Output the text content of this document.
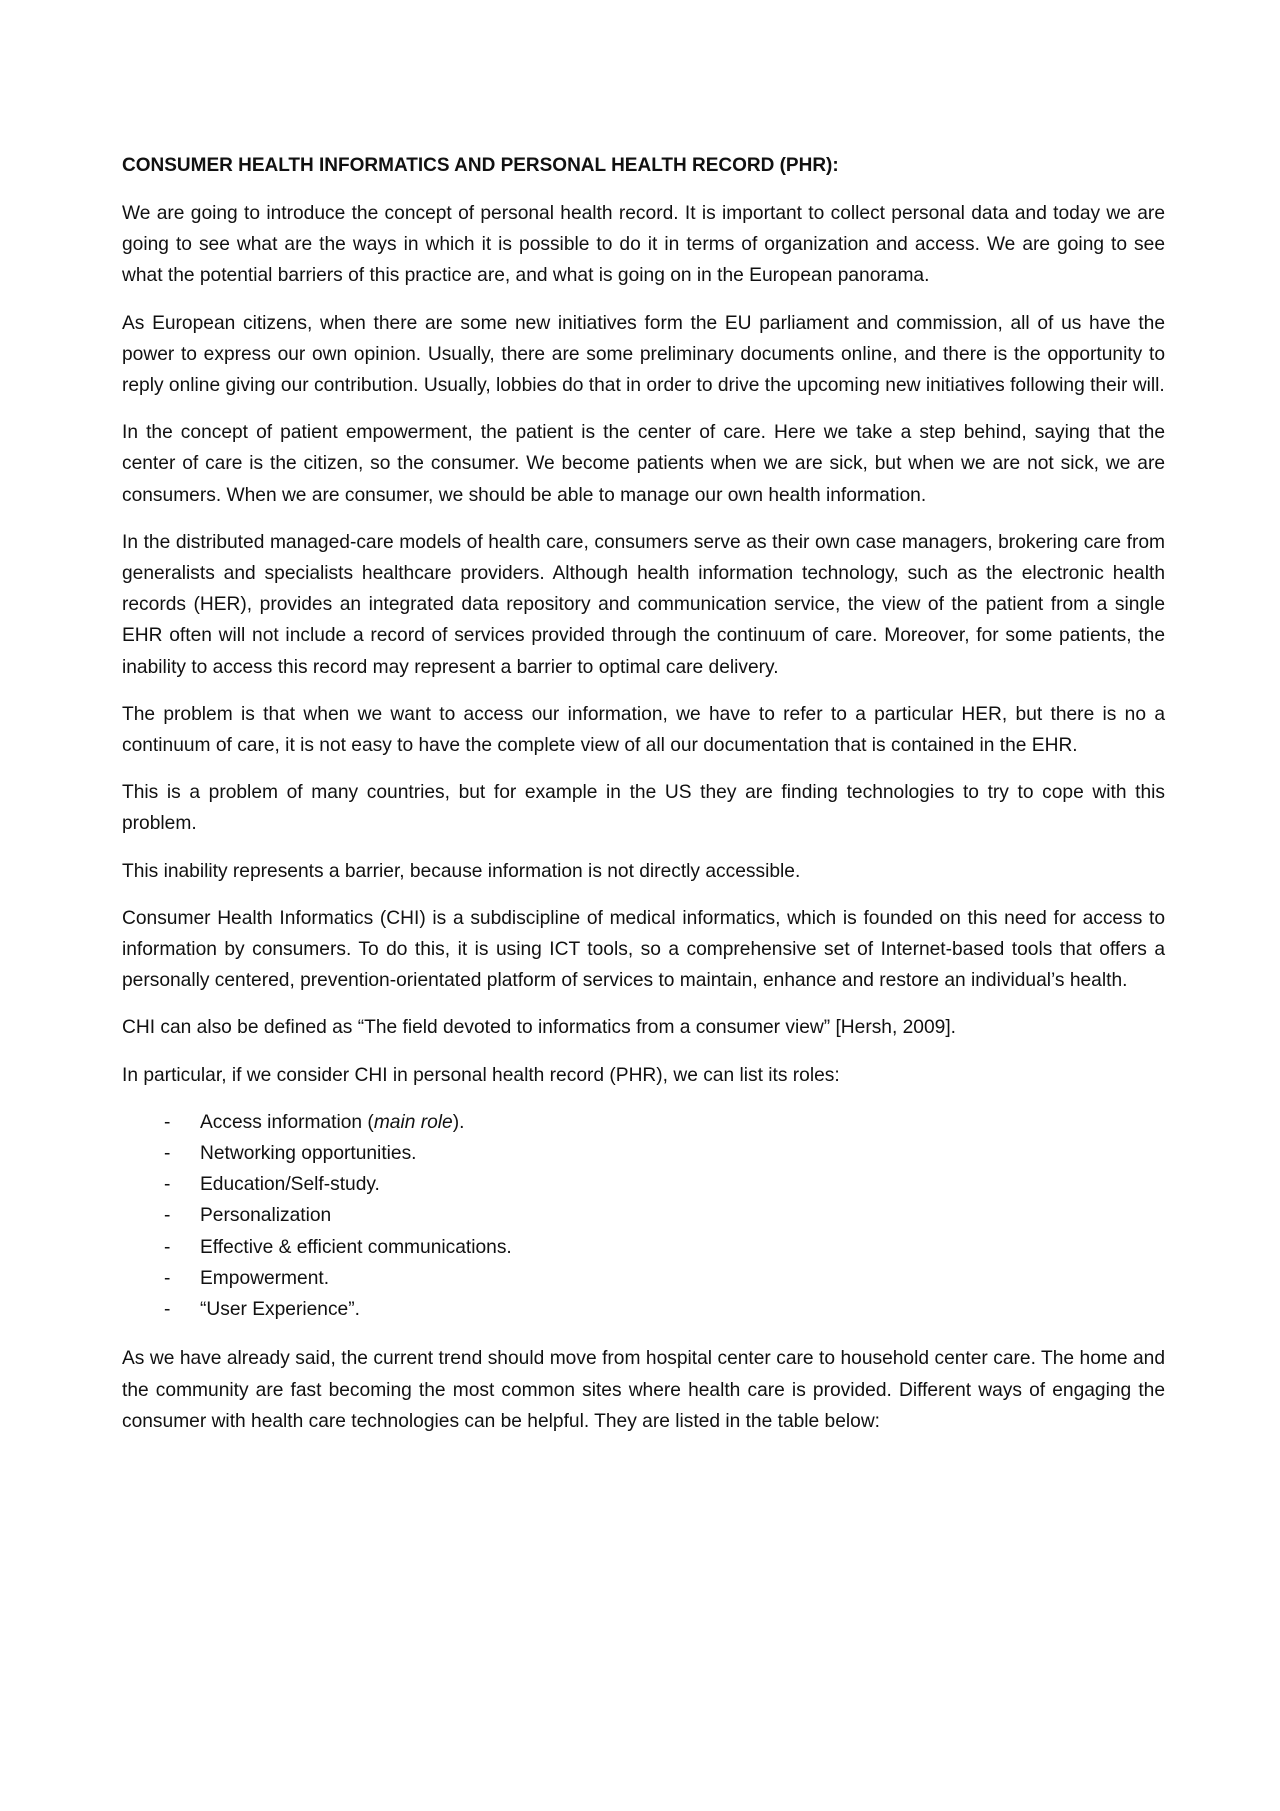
CONSUMER HEALTH INFORMATICS AND PERSONAL HEALTH RECORD (PHR):

We are going to introduce the concept of personal health record. It is important to collect personal data and today we are going to see what are the ways in which it is possible to do it in terms of organization and access. We are going to see what the potential barriers of this practice are, and what is going on in the European panorama.

As European citizens, when there are some new initiatives form the EU parliament and commission, all of us have the power to express our own opinion. Usually, there are some preliminary documents online, and there is the opportunity to reply online giving our contribution. Usually, lobbies do that in order to drive the upcoming new initiatives following their will.

In the concept of patient empowerment, the patient is the center of care. Here we take a step behind, saying that the center of care is the citizen, so the consumer. We become patients when we are sick, but when we are not sick, we are consumers. When we are consumer, we should be able to manage our own health information.

In the distributed managed-care models of health care, consumers serve as their own case managers, brokering care from generalists and specialists healthcare providers. Although health information technology, such as the electronic health records (HER), provides an integrated data repository and communication service, the view of the patient from a single EHR often will not include a record of services provided through the continuum of care. Moreover, for some patients, the inability to access this record may represent a barrier to optimal care delivery.

The problem is that when we want to access our information, we have to refer to a particular HER, but there is no a continuum of care, it is not easy to have the complete view of all our documentation that is contained in the EHR.

This is a problem of many countries, but for example in the US they are finding technologies to try to cope with this problem.

This inability represents a barrier, because information is not directly accessible.

Consumer Health Informatics (CHI) is a subdiscipline of medical informatics, which is founded on this need for access to information by consumers. To do this, it is using ICT tools, so a comprehensive set of Internet-based tools that offers a personally centered, prevention-orientated platform of services to maintain, enhance and restore an individual’s health.

CHI can also be defined as “The field devoted to informatics from a consumer view” [Hersh, 2009].

In particular, if we consider CHI in personal health record (PHR), we can list its roles:

- Access information (main role).
- Networking opportunities.
- Education/Self-study.
- Personalization
- Effective & efficient communications.
- Empowerment.
- “User Experience”.

As we have already said, the current trend should move from hospital center care to household center care. The home and the community are fast becoming the most common sites where health care is provided. Different ways of engaging the consumer with health care technologies can be helpful. They are listed in the table below:
